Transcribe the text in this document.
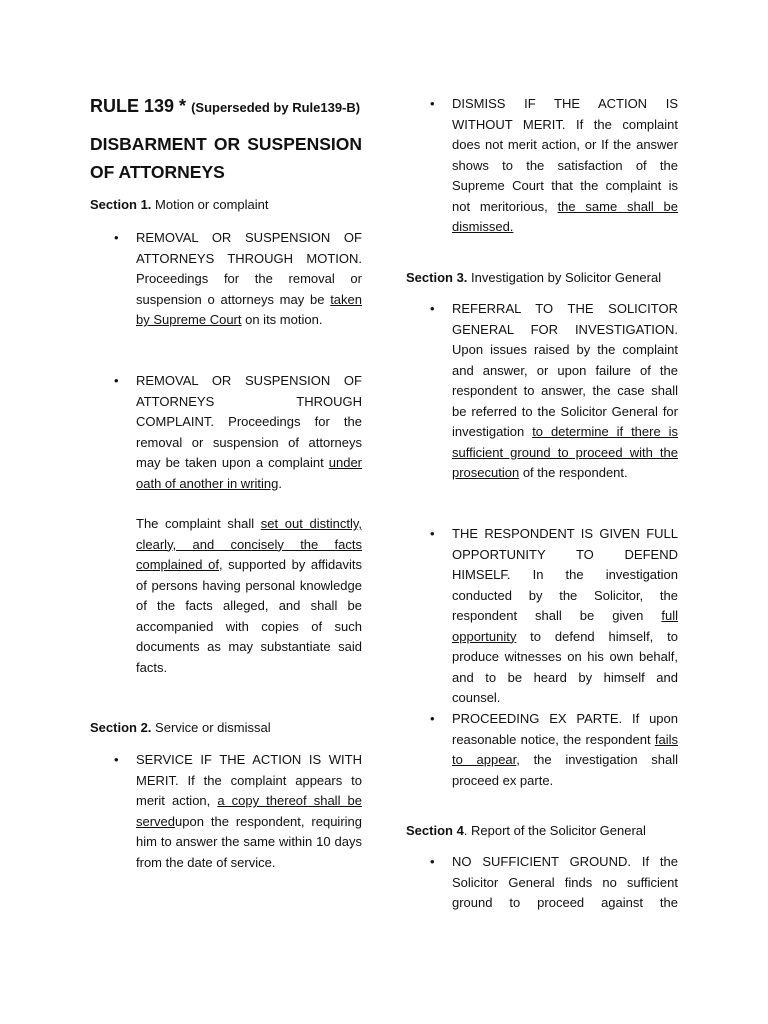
RULE 139 * (Superseded by Rule139-B)
DISBARMENT OR SUSPENSION OF ATTORNEYS
Section 1. Motion or complaint
• REMOVAL OR SUSPENSION OF ATTORNEYS THROUGH MOTION. Proceedings for the removal or suspension o attorneys may be taken by Supreme Court on its motion.
• REMOVAL OR SUSPENSION OF ATTORNEYS THROUGH COMPLAINT. Proceedings for the removal or suspension of attorneys may be taken upon a complaint under oath of another in writing.
The complaint shall set out distinctly, clearly, and concisely the facts complained of, supported by affidavits of persons having personal knowledge of the facts alleged, and shall be accompanied with copies of such documents as may substantiate said facts.
Section 2. Service or dismissal
• SERVICE IF THE ACTION IS WITH MERIT. If the complaint appears to merit action, a copy thereof shall be servedupon the respondent, requiring him to answer the same within 10 days from the date of service.
• DISMISS IF THE ACTION IS WITHOUT MERIT. If the complaint does not merit action, or If the answer shows to the satisfaction of the Supreme Court that the complaint is not meritorious, the same shall be dismissed.
Section 3. Investigation by Solicitor General
• REFERRAL TO THE SOLICITOR GENERAL FOR INVESTIGATION. Upon issues raised by the complaint and answer, or upon failure of the respondent to answer, the case shall be referred to the Solicitor General for investigation to determine if there is sufficient ground to proceed with the prosecution of the respondent.
• THE RESPONDENT IS GIVEN FULL OPPORTUNITY TO DEFEND HIMSELF. In the investigation conducted by the Solicitor, the respondent shall be given full opportunity to defend himself, to produce witnesses on his own behalf, and to be heard by himself and counsel.
• PROCEEDING EX PARTE. If upon reasonable notice, the respondent fails to appear, the investigation shall proceed ex parte.
Section 4. Report of the Solicitor General
• NO SUFFICIENT GROUND. If the Solicitor General finds no sufficient ground to proceed against the
